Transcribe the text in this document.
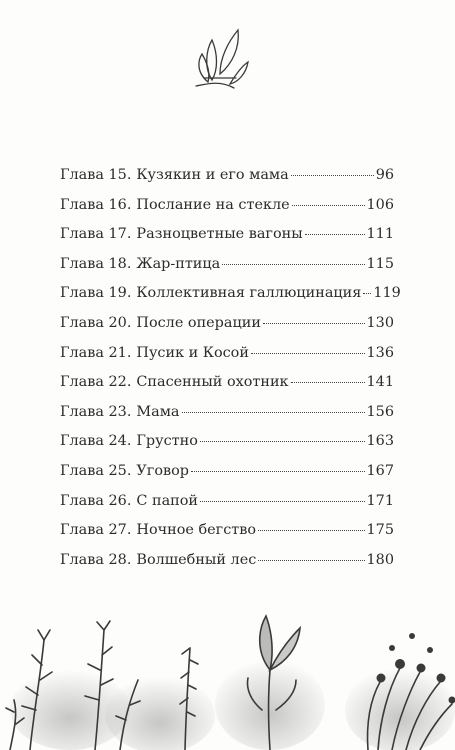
Глава 15. Кузякин и его мама	96
Глава 16. Послание на стекле	106
Глава 17. Разноцветные вагоны	111
Глава 18. Жар-птица	115
Глава 19. Коллективная галлюцинация 119
Глава 20. После операции	130
Глава 21. Пусик и Косой	136
Глава 22. Спасенный охотник	141
Глава 23. Мама	156
Глава 24. Грустно	163
Глава 25. Уговор	167
Глава 26. С папой	171
Глава 27. Ночное бегство	175
Глава 28. Волшебный лес	180
